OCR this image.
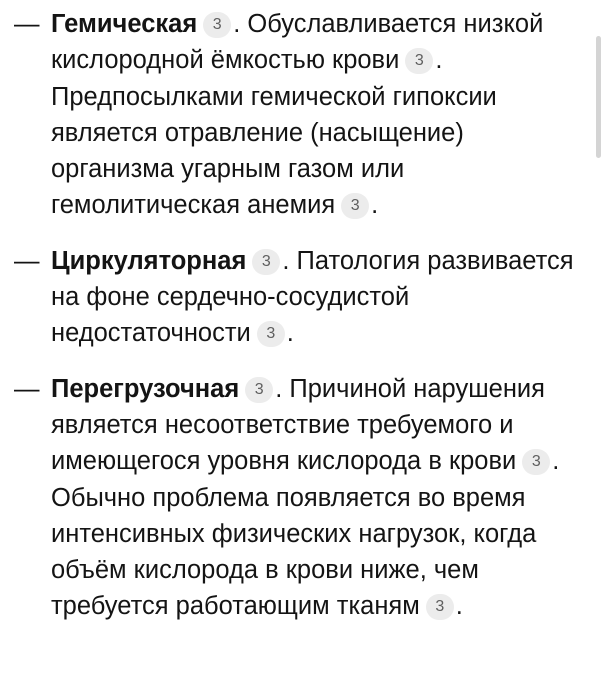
— Гемическая 3 . Обуславливается низкой кислородной ёмкостью крови 3 . Предпосылками гемической гипоксии является отравление (насыщение) организма угарным газом или гемолитическая анемия 3 .
— Циркуляторная 3 . Патология развивается на фоне сердечно-сосудистой недостаточности 3 .
— Перегрузочная 3 . Причиной нарушения является несоответствие требуемого и имеющегося уровня кислорода в крови 3 . Обычно проблема появляется во время интенсивных физических нагрузок, когда объём кислорода в крови ниже, чем требуется работающим тканям 3 .
